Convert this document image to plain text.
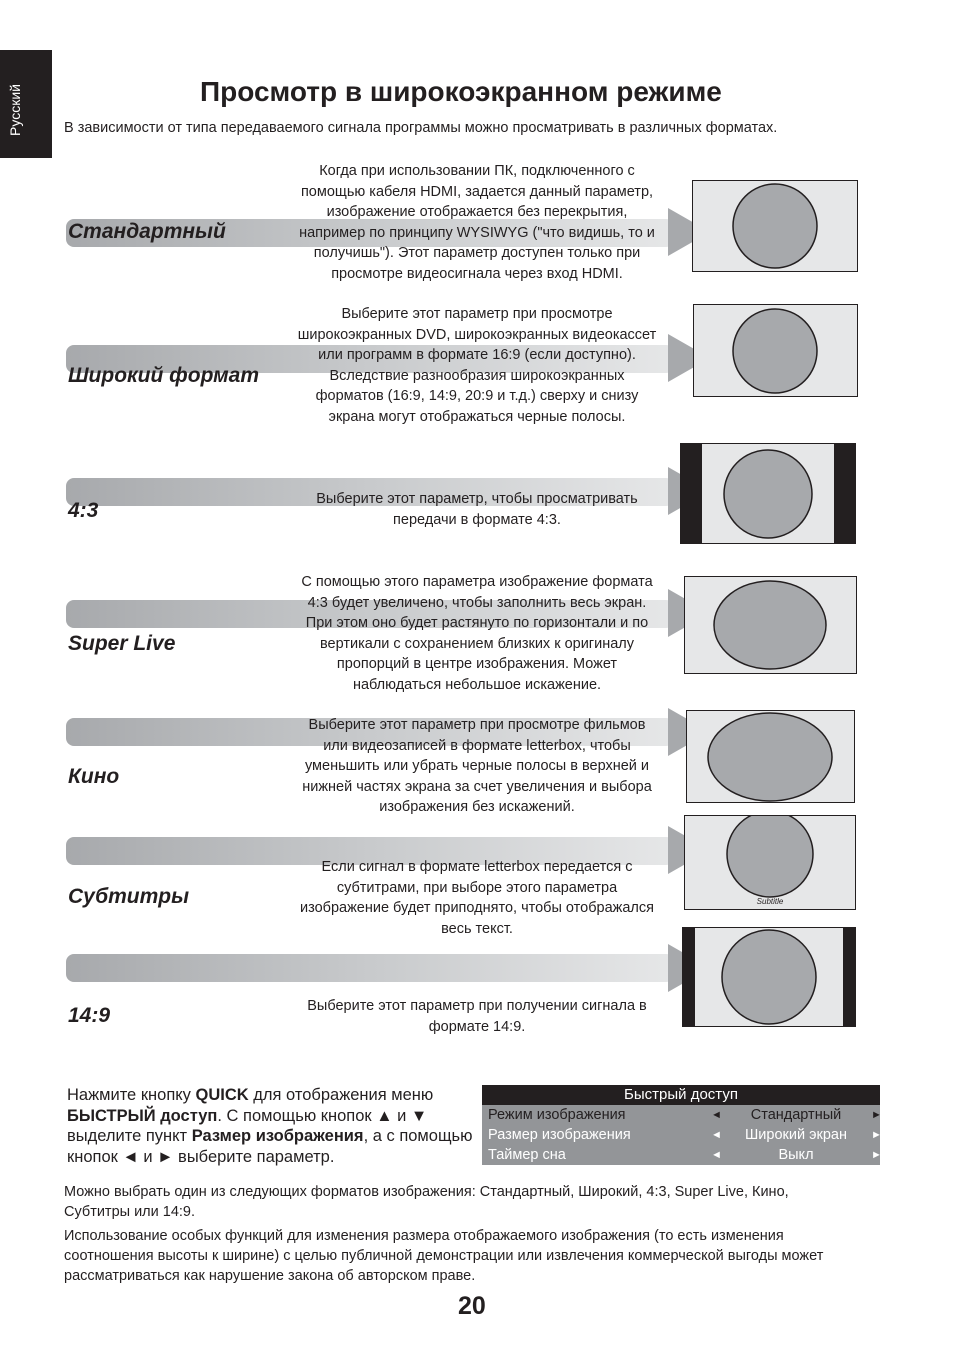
Русский	Просмотр в широкоэкранном режиме
В зависимости от типа передаваемого сигнала программы можно просматривать в различных форматах.
Стандартный
Когда при использовании ПК, подключенного с помощью кабеля HDMI, задается данный параметр, изображение отображается без перекрытия, например по принципу WYSIWYG ("что видишь, то и получишь"). Этот параметр доступен только при просмотре видеосигнала через вход HDMI.
Широкий формат
Выберите этот параметр при просмотре широкоэкранных DVD, широкоэкранных видеокассет или программ в формате 16:9 (если доступно). Вследствие разнообразия широкоэкранных форматов (16:9, 14:9, 20:9 и т.д.) сверху и снизу экрана могут отображаться черные полосы.
4:3	Выберите этот параметр, чтобы просматривать передачи в формате 4:3.
Super Live
С помощью этого параметра изображение формата 4:3 будет увеличено, чтобы заполнить весь экран. При этом оно будет растянуто по горизонтали и по вертикали с сохранением близких к оригиналу пропорций в центре изображения. Может наблюдаться небольшое искажение.
Кино
Выберите этот параметр при просмотре фильмов или видеозаписей в формате letterbox, чтобы уменьшить или убрать черные полосы в верхней и нижней частях экрана за счет увеличения и выбора изображения без искажений.
Субтитры
Если сигнал в формате letterbox передается с субтитрами, при выборе этого параметра изображение будет приподнято, чтобы отображался весь текст.
Subtitle
14:9	Выберите этот параметр при получении сигнала в формате 14:9.
Нажмите кнопку QUICK для отображения меню БЫСТРЫЙ доступ. С помощью кнопок ▲ и ▼ выделите пункт Размер изображения, а с помощью кнопок ◄ и ► выберите параметр.
Быстрый доступ
Режим изображения	◄	Стандартный	►
Размер изображения	◄	Широкий экран	►
Таймер сна	◄	Выкл	►
Можно выбрать один из следующих форматов изображения: Стандартный, Широкий, 4:3, Super Live, Кино, Субтитры или 14:9.
Использование особых функций для изменения размера отображаемого изображения (то есть изменения соотношения высоты к ширине) с целью публичной демонстрации или извлечения коммерческой выгоды может рассматриваться как нарушение закона об авторском праве.
20
